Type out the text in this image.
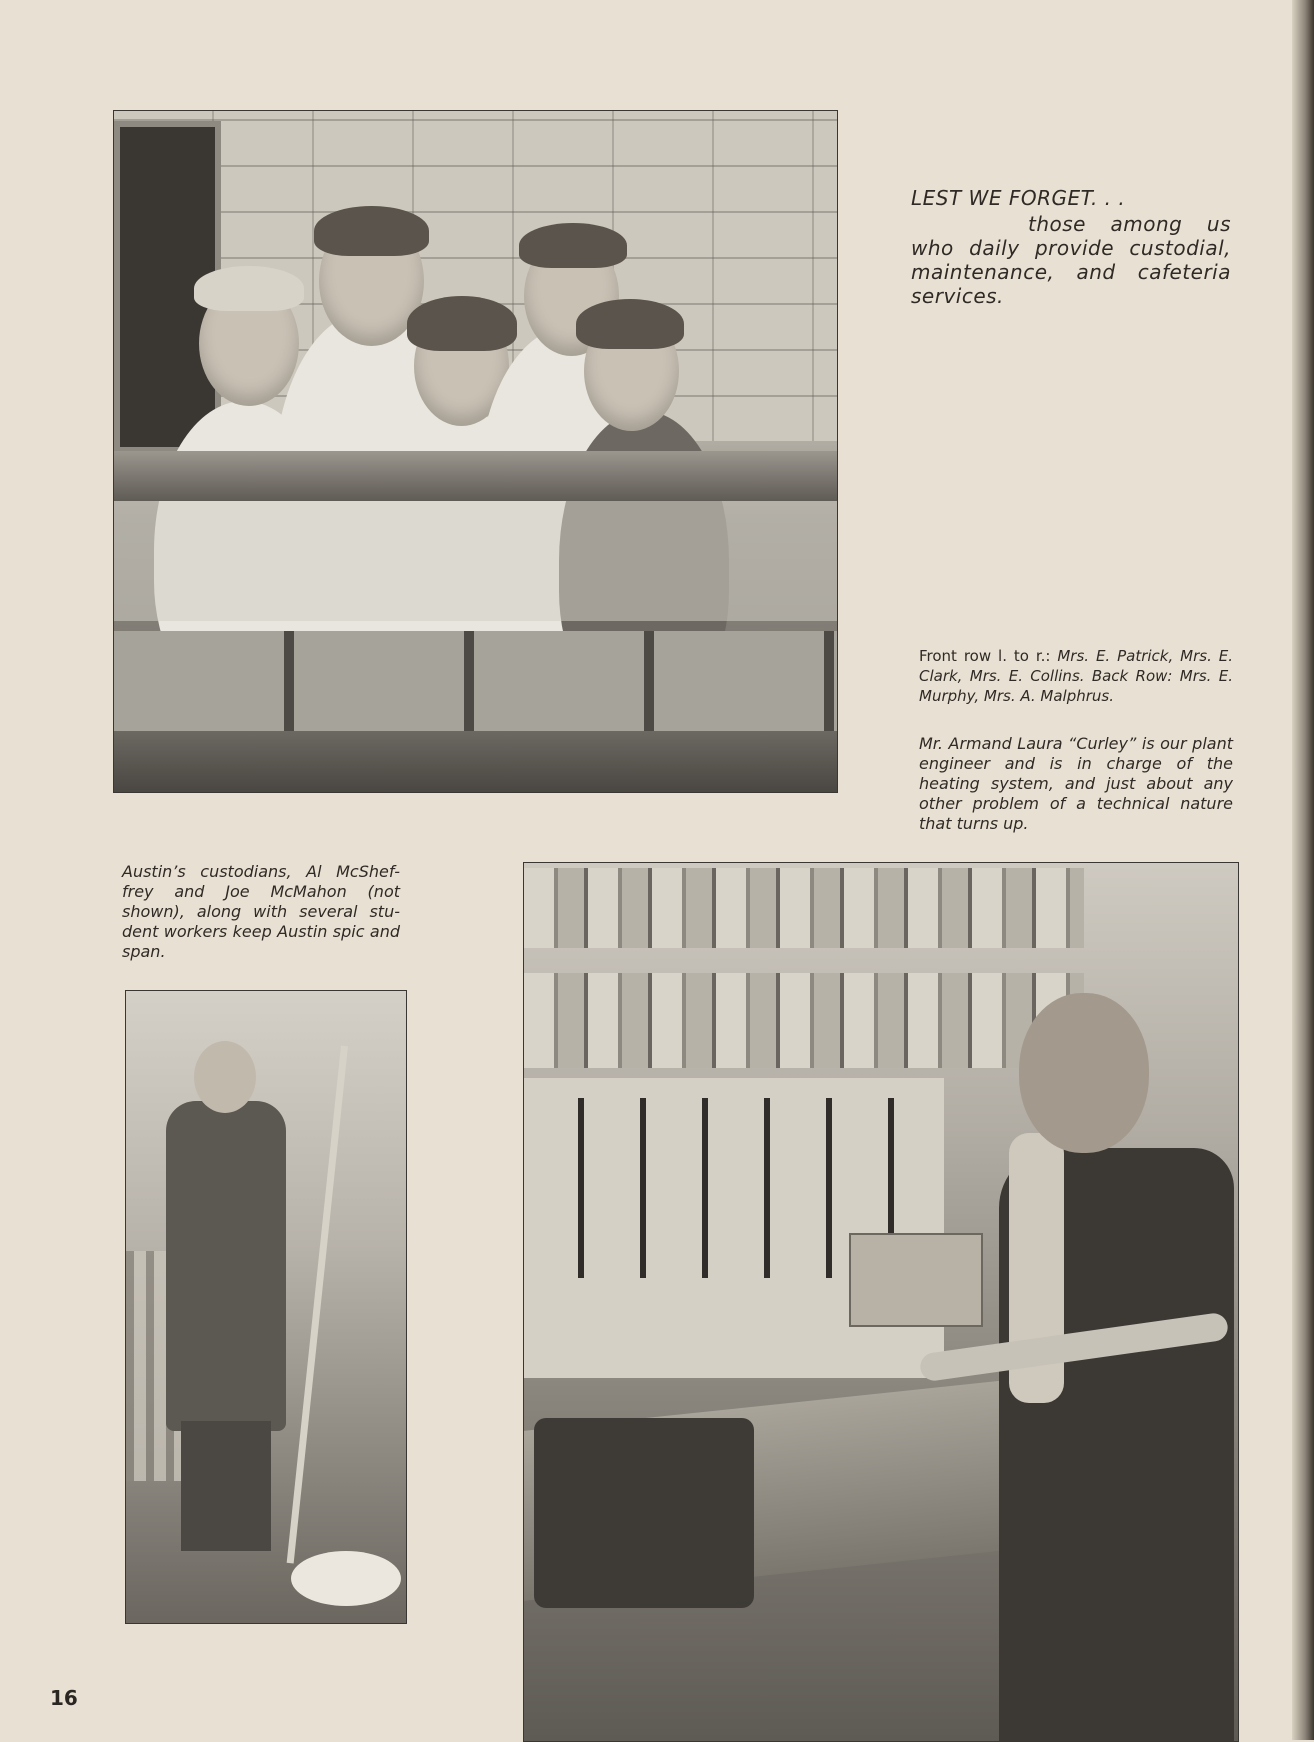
LEST WE FORGET. . .

those among us who daily provide custodial, maintenance, and cafeteria services.

Front row l. to r.: Mrs. E. Patrick, Mrs. E. Clark, Mrs. E. Collins. Back Row: Mrs. E. Murphy, Mrs. A. Malphrus.

Mr. Armand Laura “Curley” is our plant engineer and is in charge of the heating system, and just about any other problem of a technical nature that turns up.

Austin’s custodians, Al McShef-frey and Joe McMahon (not shown), along with several stu-dent workers keep Austin spic and span.

16
